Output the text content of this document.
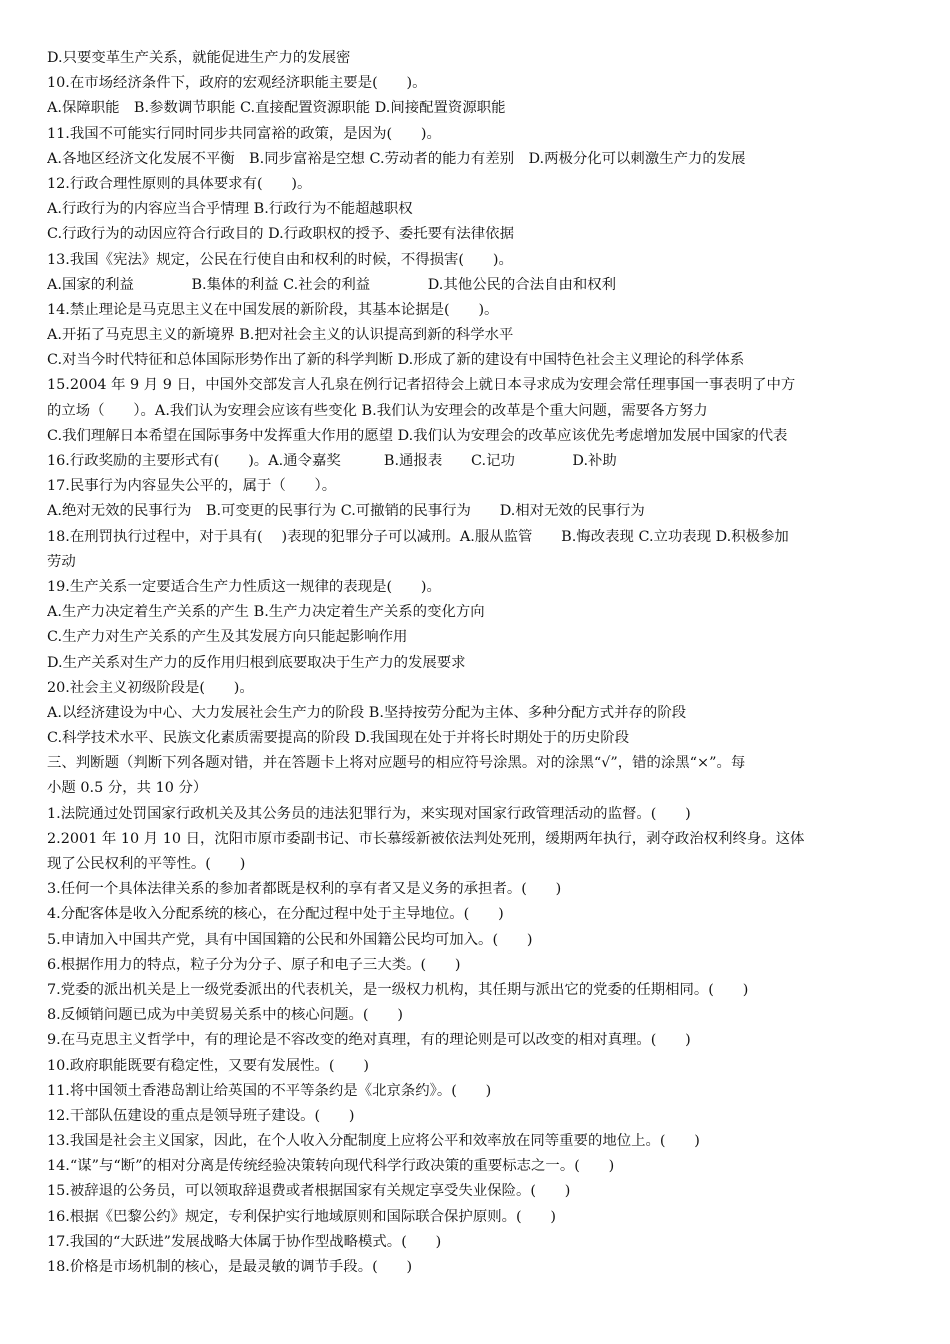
D.只要变革生产关系，就能促进生产力的发展密
10.在市场经济条件下，政府的宏观经济职能主要是(　　)。
A.保障职能　B.参数调节职能 C.直接配置资源职能 D.间接配置资源职能
11.我国不可能实行同时同步共同富裕的政策，是因为(　　)。
A.各地区经济文化发展不平衡　B.同步富裕是空想 C.劳动者的能力有差别　D.两极分化可以刺激生产力的发展
12.行政合理性原则的具体要求有(　　)。
A.行政行为的内容应当合乎情理 B.行政行为不能超越职权
C.行政行为的动因应符合行政目的 D.行政职权的授予、委托要有法律依据
13.我国《宪法》规定，公民在行使自由和权利的时候，不得损害(　　)。
A.国家的利益　　　　B.集体的利益 C.社会的利益　　　　D.其他公民的合法自由和权利
14.禁止理论是马克思主义在中国发展的新阶段，其基本论据是(　　)。
A.开拓了马克思主义的新境界 B.把对社会主义的认识提高到新的科学水平
C.对当今时代特征和总体国际形势作出了新的科学判断 D.形成了新的建设有中国特色社会主义理论的科学体系
15.2004 年 9 月 9 日，中国外交部发言人孔泉在例行记者招待会上就日本寻求成为安理会常任理事国一事表明了中方
的立场（　　）。A.我们认为安理会应该有些变化 B.我们认为安理会的改革是个重大问题，需要各方努力
C.我们理解日本希望在国际事务中发挥重大作用的愿望 D.我们认为安理会的改革应该优先考虑增加发展中国家的代表
16.行政奖励的主要形式有(　　)。A.通令嘉奖　　　B.通报表　　C.记功　　　　D.补助
17.民事行为内容显失公平的，属于（　　）。
A.绝对无效的民事行为　B.可变更的民事行为 C.可撤销的民事行为　　D.相对无效的民事行为
18.在刑罚执行过程中，对于具有(　 )表现的犯罪分子可以减刑。A.服从监管　　B.悔改表现 C.立功表现 D.积极参加
劳动
19.生产关系一定要适合生产力性质这一规律的表现是(　　)。
A.生产力决定着生产关系的产生 B.生产力决定着生产关系的变化方向
C.生产力对生产关系的产生及其发展方向只能起影响作用
D.生产关系对生产力的反作用归根到底要取决于生产力的发展要求
20.社会主义初级阶段是(　　)。
A.以经济建设为中心、大力发展社会生产力的阶段 B.坚持按劳分配为主体、多种分配方式并存的阶段
C.科学技术水平、民族文化素质需要提高的阶段 D.我国现在处于并将长时期处于的历史阶段
三、判断题（判断下列各题对错，并在答题卡上将对应题号的相应符号涂黑。对的涂黑“√”，错的涂黑“×”。每
小题 0.5 分，共 10 分）
1.法院通过处罚国家行政机关及其公务员的违法犯罪行为，来实现对国家行政管理活动的监督。(　　)
2.2001 年 10 月 10 日，沈阳市原市委副书记、市长慕绥新被依法判处死刑，缓期两年执行，剥夺政治权利终身。这体
现了公民权利的平等性。(　　)
3.任何一个具体法律关系的参加者都既是权利的享有者又是义务的承担者。(　　)
4.分配客体是收入分配系统的核心，在分配过程中处于主导地位。(　　)
5.申请加入中国共产党，具有中国国籍的公民和外国籍公民均可加入。(　　)
6.根据作用力的特点，粒子分为分子、原子和电子三大类。(　　)
7.党委的派出机关是上一级党委派出的代表机关，是一级权力机构，其任期与派出它的党委的任期相同。(　　)
8.反倾销问题已成为中美贸易关系中的核心问题。(　　)
9.在马克思主义哲学中，有的理论是不容改变的绝对真理，有的理论则是可以改变的相对真理。(　　)
10.政府职能既要有稳定性，又要有发展性。(　　)
11.将中国领土香港岛割让给英国的不平等条约是《北京条约》。(　　)
12.干部队伍建设的重点是领导班子建设。(　　)
13.我国是社会主义国家，因此，在个人收入分配制度上应将公平和效率放在同等重要的地位上。(　　)
14.“谋”与“断”的相对分离是传统经验决策转向现代科学行政决策的重要标志之一。(　　)
15.被辞退的公务员，可以领取辞退费或者根据国家有关规定享受失业保险。(　　)
16.根据《巴黎公约》规定，专利保护实行地域原则和国际联合保护原则。(　　)
17.我国的“大跃进”发展战略大体属于协作型战略模式。(　　)
18.价格是市场机制的核心，是最灵敏的调节手段。(　　)
